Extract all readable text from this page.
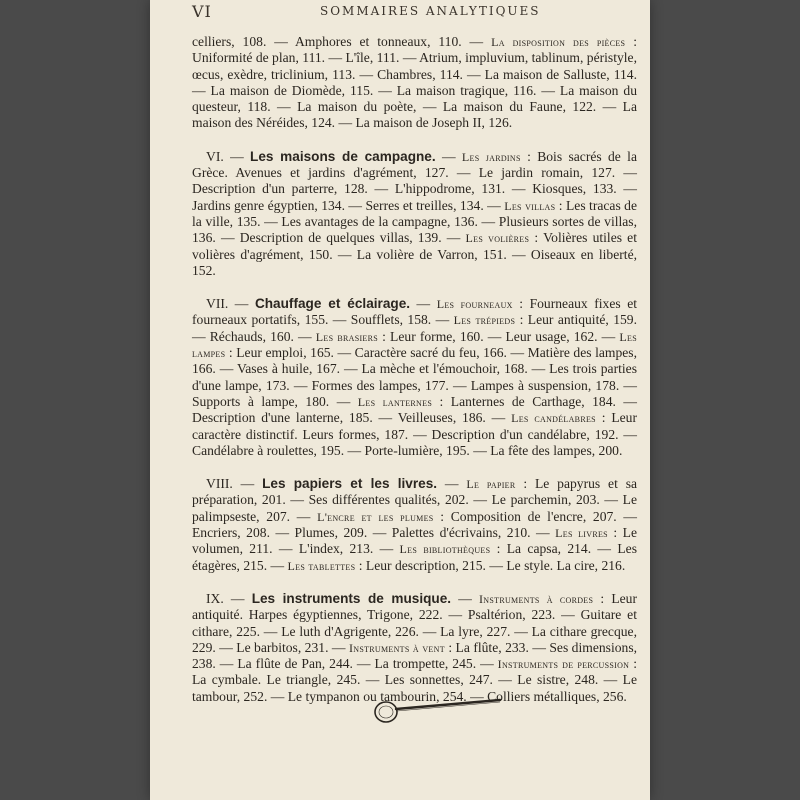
VI	SOMMAIRES ANALYTIQUES

celliers, 108. — Amphores et tonneaux, 110. — La disposition des pièces : Uniformité de plan, 111. — L'île, 111. — Atrium, impluvium, tablinum, péristyle, œcus, exèdre, triclinium, 113. — Chambres, 114. — La maison de Salluste, 114. — La maison de Diomède, 115. — La maison tragique, 116. — La maison du questeur, 118. — La maison du poète, — La maison du Faune, 122. — La maison des Néréides, 124. — La maison de Joseph II, 126.

VI. — Les maisons de campagne. — Les jardins : Bois sacrés de la Grèce. Avenues et jardins d'agrément, 127. — Le jardin romain, 127. — Description d'un parterre, 128. — L'hippodrome, 131. — Kiosques, 133. — Jardins genre égyptien, 134. — Serres et treilles, 134. — Les villas : Les tracas de la ville, 135. — Les avantages de la campagne, 136. — Plusieurs sortes de villas, 136. — Description de quelques villas, 139. — Les volières : Volières utiles et volières d'agrément, 150. — La volière de Varron, 151. — Oiseaux en liberté, 152.

VII. — Chauffage et éclairage. — Les fourneaux : Fourneaux fixes et fourneaux portatifs, 155. — Soufflets, 158. — Les trépieds : Leur antiquité, 159. — Réchauds, 160. — Les brasiers : Leur forme, 160. — Leur usage, 162. — Les lampes : Leur emploi, 165. — Caractère sacré du feu, 166. — Matière des lampes, 166. — Vases à huile, 167. — La mèche et l'émouchoir, 168. — Les trois parties d'une lampe, 173. — Formes des lampes, 177. — Lampes à suspension, 178. — Supports à lampe, 180. — Les lanternes : Lanternes de Carthage, 184. — Description d'une lanterne, 185. — Veilleuses, 186. — Les candélabres : Leur caractère distinctif. Leurs formes, 187. — Description d'un candélabre, 192. — Candélabre à roulettes, 195. — Porte-lumière, 195. — La fête des lampes, 200.

VIII. — Les papiers et les livres. — Le papier : Le papyrus et sa préparation, 201. — Ses différentes qualités, 202. — Le parchemin, 203. — Le palimpseste, 207. — L'encre et les plumes : Composition de l'encre, 207. — Encriers, 208. — Plumes, 209. — Palettes d'écrivains, 210. — Les livres : Le volumen, 211. — L'index, 213. — Les bibliothèques : La capsa, 214. — Les étagères, 215. — Les tablettes : Leur description, 215. — Le style. La cire, 216.

IX. — Les instruments de musique. — Instruments à cordes : Leur antiquité. Harpes égyptiennes, Trigone, 222. — Psaltérion, 223. — Guitare et cithare, 225. — Le luth d'Agrigente, 226. — La lyre, 227. — La cithare grecque, 229. — Le barbitos, 231. — Instruments à vent : La flûte, 233. — Ses dimensions, 238. — La flûte de Pan, 244. — La trompette, 245. — Instruments de percussion : La cymbale. Le triangle, 245. — Les sonnettes, 247. — Le sistre, 248. — Le tambour, 252. — Le tympanon ou tambourin, 254. — Colliers métalliques, 256.
